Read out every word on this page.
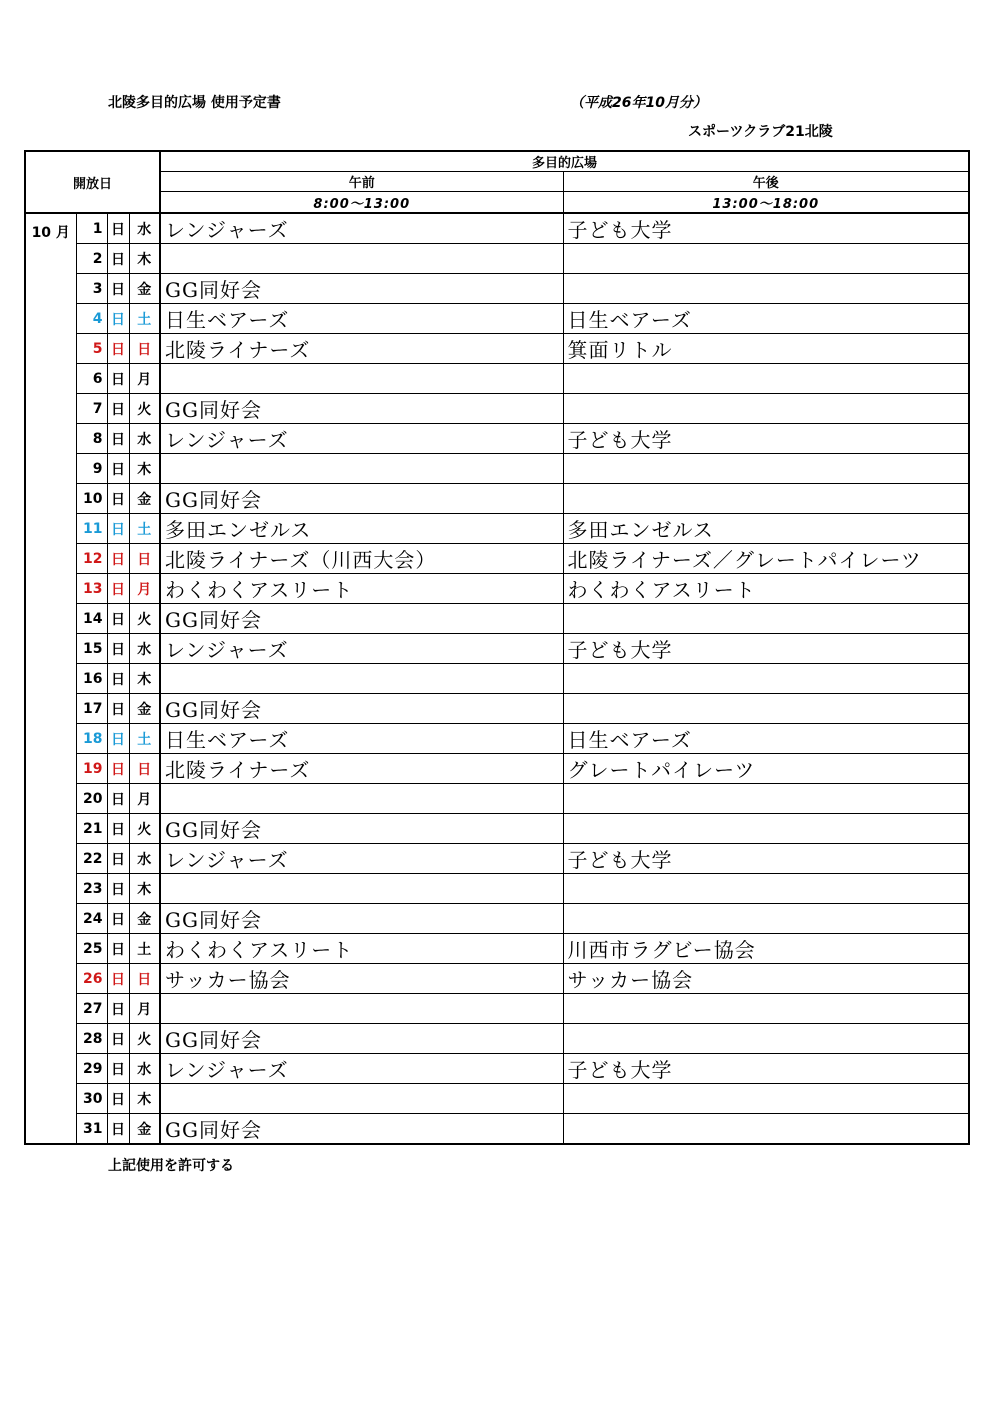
北陵多目的広場 使用予定書	（平成26年10月分）
スポーツクラブ21北陵
開放日				多目的広場	
				午前	午後
				8:00〜13:00	13:00〜18:00
10 月	1	日	水	レンジャーズ	子ども大学
	2	日	木		
	3	日	金	GG同好会	
	4	日	土	日生ベアーズ	日生ベアーズ
	5	日	日	北陵ライナーズ	箕面リトル
	6	日	月		
	7	日	火	GG同好会	
	8	日	水	レンジャーズ	子ども大学
	9	日	木		
	10	日	金	GG同好会	
	11	日	土	多田エンゼルス	多田エンゼルス
	12	日	日	北陵ライナーズ（川西大会）	北陵ライナーズ／グレートパイレーツ
	13	日	月	わくわくアスリート	わくわくアスリート
	14	日	火	GG同好会	
	15	日	水	レンジャーズ	子ども大学
	16	日	木		
	17	日	金	GG同好会	
	18	日	土	日生ベアーズ	日生ベアーズ
	19	日	日	北陵ライナーズ	グレートパイレーツ
	20	日	月		
	21	日	火	GG同好会	
	22	日	水	レンジャーズ	子ども大学
	23	日	木		
	24	日	金	GG同好会	
	25	日	土	わくわくアスリート	川西市ラグビー協会
	26	日	日	サッカー協会	サッカー協会
	27	日	月		
	28	日	火	GG同好会	
	29	日	水	レンジャーズ	子ども大学
	30	日	木		
	31	日	金	GG同好会	
上記使用を許可する
